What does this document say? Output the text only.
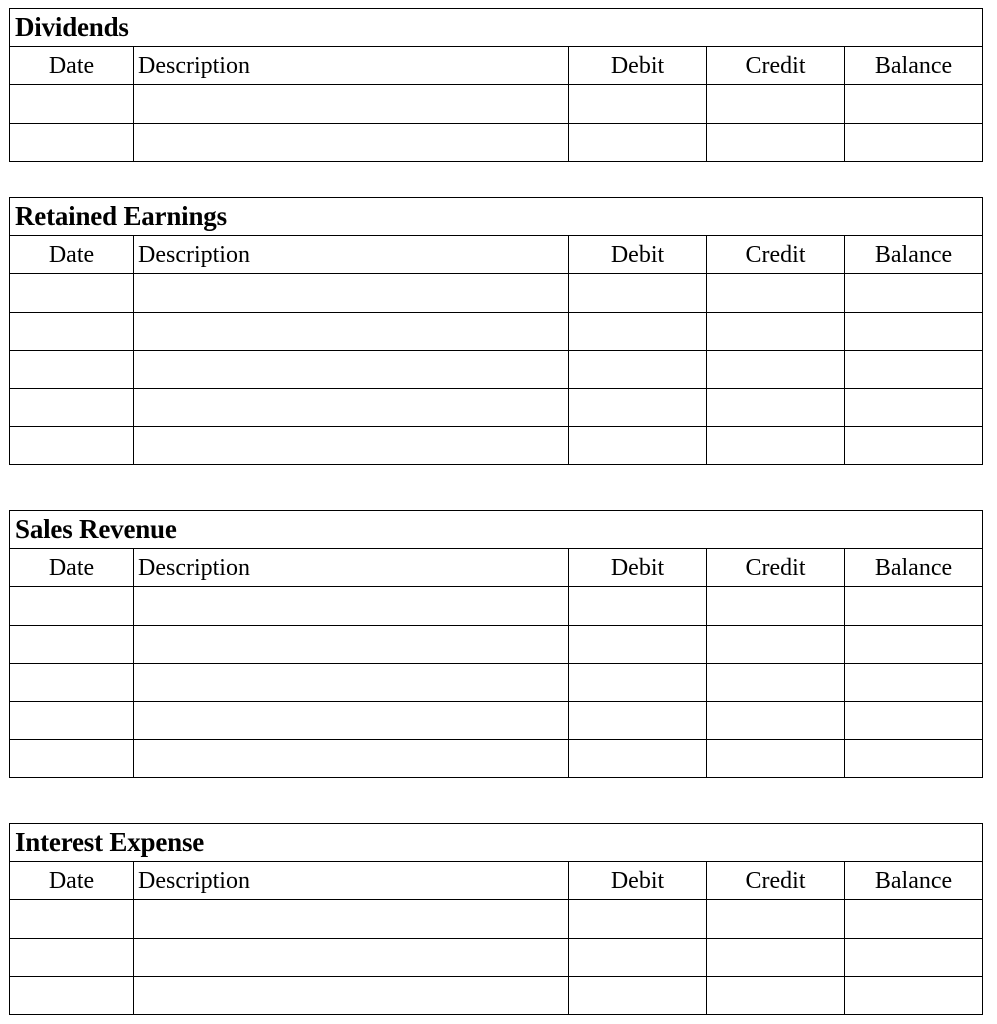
Dividends				
Date	Description	Debit	Credit	Balance

Retained Earnings				
Date	Description	Debit	Credit	Balance

Sales Revenue				
Date	Description	Debit	Credit	Balance

Interest Expense				
Date	Description	Debit	Credit	Balance
